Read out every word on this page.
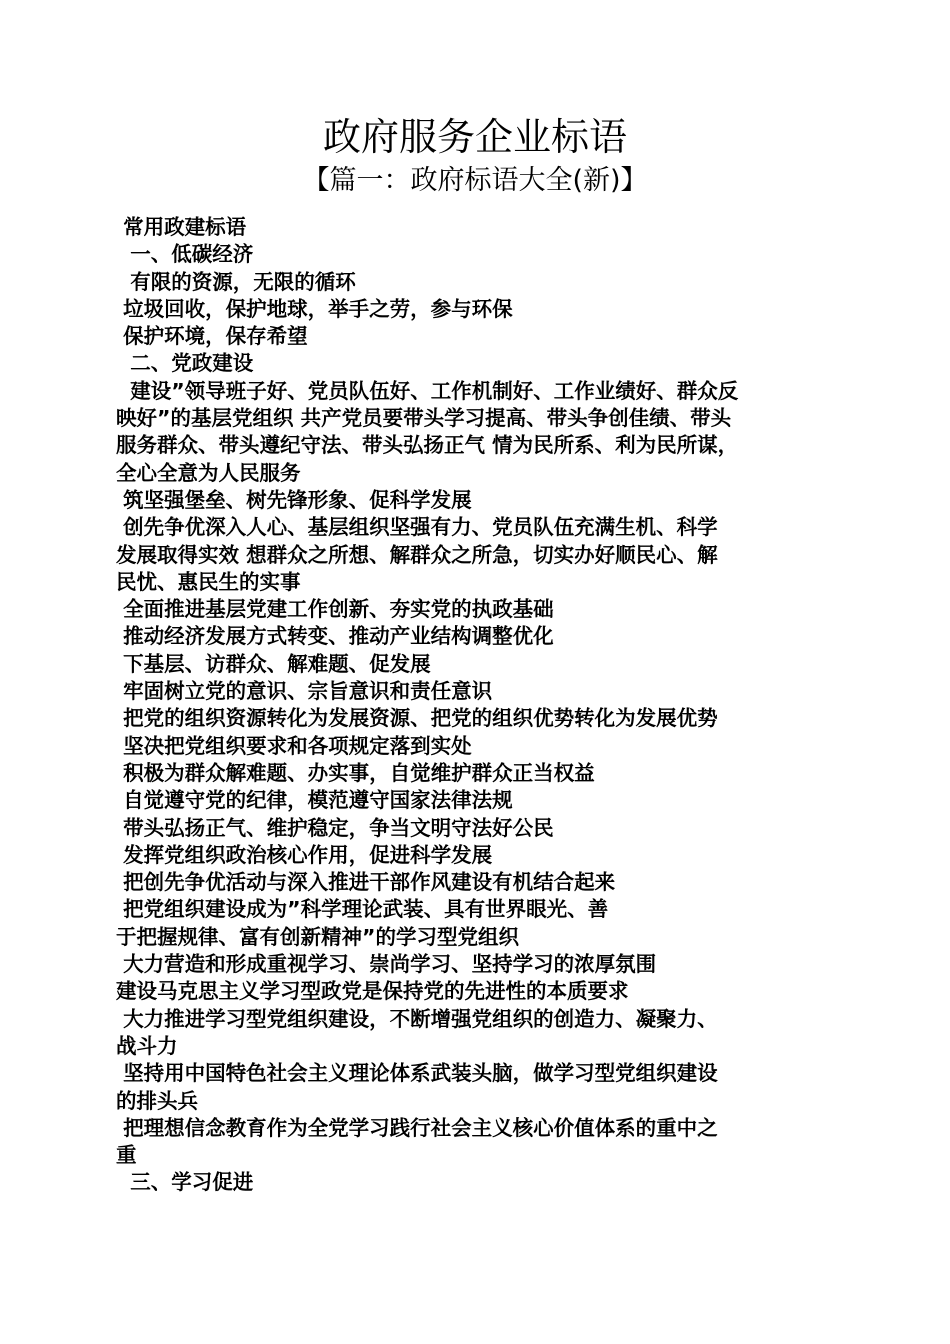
政府服务企业标语
【篇一：政府标语大全(新)】
常用政建标语
一、低碳经济
有限的资源，无限的循环
垃圾回收，保护地球，举手之劳，参与环保
保护环境，保存希望
二、党政建设
建设”领导班子好、党员队伍好、工作机制好、工作业绩好、群众反
映好”的基层党组织 共产党员要带头学习提高、带头争创佳绩、带头
服务群众、带头遵纪守法、带头弘扬正气 情为民所系、利为民所谋，
全心全意为人民服务
筑坚强堡垒、树先锋形象、促科学发展
创先争优深入人心、基层组织坚强有力、党员队伍充满生机、科学
发展取得实效 想群众之所想、解群众之所急，切实办好顺民心、解
民忧、惠民生的实事
全面推进基层党建工作创新、夯实党的执政基础
推动经济发展方式转变、推动产业结构调整优化
下基层、访群众、解难题、促发展
牢固树立党的意识、宗旨意识和责任意识
把党的组织资源转化为发展资源、把党的组织优势转化为发展优势
坚决把党组织要求和各项规定落到实处
积极为群众解难题、办实事，自觉维护群众正当权益
自觉遵守党的纪律，模范遵守国家法律法规
带头弘扬正气、维护稳定，争当文明守法好公民
发挥党组织政治核心作用，促进科学发展
把创先争优活动与深入推进干部作风建设有机结合起来
把党组织建设成为”科学理论武装、具有世界眼光、善
于把握规律、富有创新精神”的学习型党组织
大力营造和形成重视学习、崇尚学习、坚持学习的浓厚氛围
建设马克思主义学习型政党是保持党的先进性的本质要求
大力推进学习型党组织建设，不断增强党组织的创造力、凝聚力、
战斗力
坚持用中国特色社会主义理论体系武装头脑，做学习型党组织建设
的排头兵
把理想信念教育作为全党学习践行社会主义核心价值体系的重中之
重
三、学习促进
